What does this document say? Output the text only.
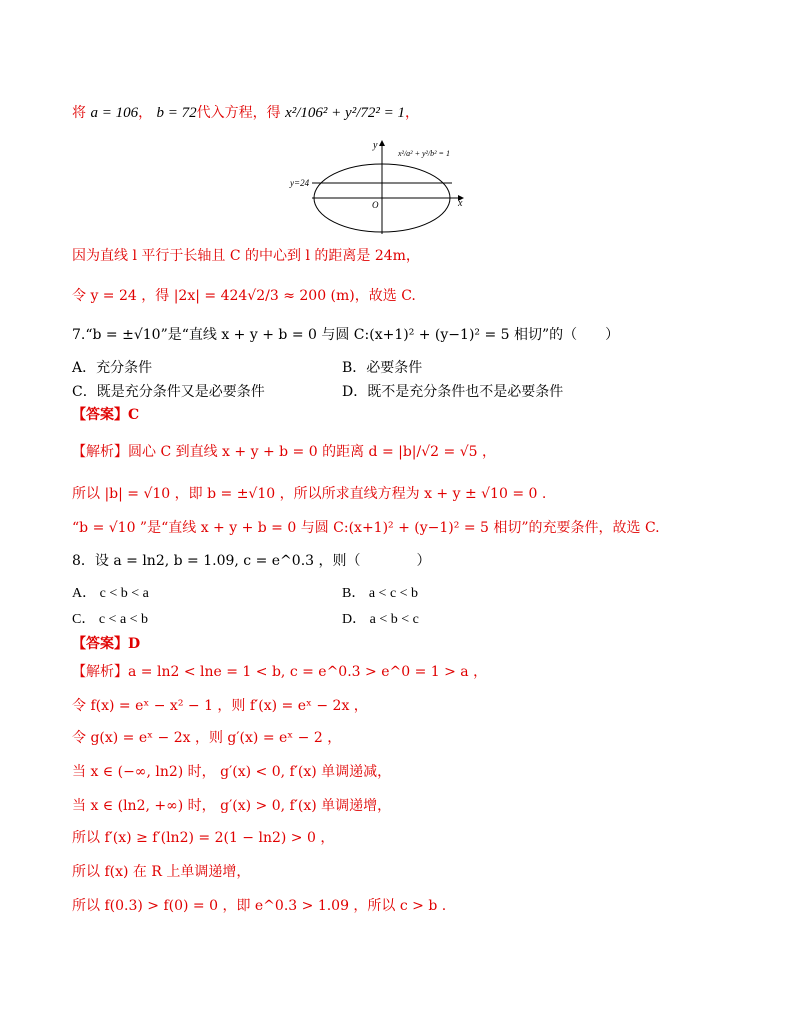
将 a = 106， b = 72代入方程，得 x²/106² + y²/72² = 1，
y=24
y
x
O
x²/a² + y²/b² = 1
因为直线 l 平行于长轴且 C 的中心到 l 的距离是 24m，
令 y = 24 ，得 |2x| = 424√2/3 ≈ 200 (m)，故选 C.
7.“b = ±√10”是“直线 x + y + b = 0 与圆 C:(x+1)² + (y−1)² = 5 相切”的（　　）
A．充分条件	B．必要条件
C．既是充分条件又是必要条件	D．既不是充分条件也不是必要条件
【答案】C
【解析】圆心 C 到直线 x + y + b = 0 的距离 d = |b|/√2 = √5 ，
所以 |b| = √10 ，即 b = ±√10 ，所以所求直线方程为 x + y ± √10 = 0 .
“b = √10 ”是“直线 x + y + b = 0 与圆 C:(x+1)² + (y−1)² = 5 相切”的充要条件，故选 C.
8．设 a = ln2, b = 1.09, c = e^0.3 ，则（　　　　）
A． c < b < a	B． a < c < b
C． c < a < b	D． a < b < c
【答案】D
【解析】a = ln2 < lne = 1 < b, c = e^0.3 > e^0 = 1 > a ，
令 f(x) = eˣ − x² − 1 ，则 f′(x) = eˣ − 2x ，
令 g(x) = eˣ − 2x ，则 g′(x) = eˣ − 2 ，
当 x ∈ (−∞, ln2) 时， g′(x) < 0, f′(x) 单调递减，
当 x ∈ (ln2, +∞) 时， g′(x) > 0, f′(x) 单调递增，
所以 f′(x) ≥ f′(ln2) = 2(1 − ln2) > 0 ，
所以 f(x) 在 R 上单调递增，
所以 f(0.3) > f(0) = 0 ，即 e^0.3 > 1.09 ，所以 c > b .
